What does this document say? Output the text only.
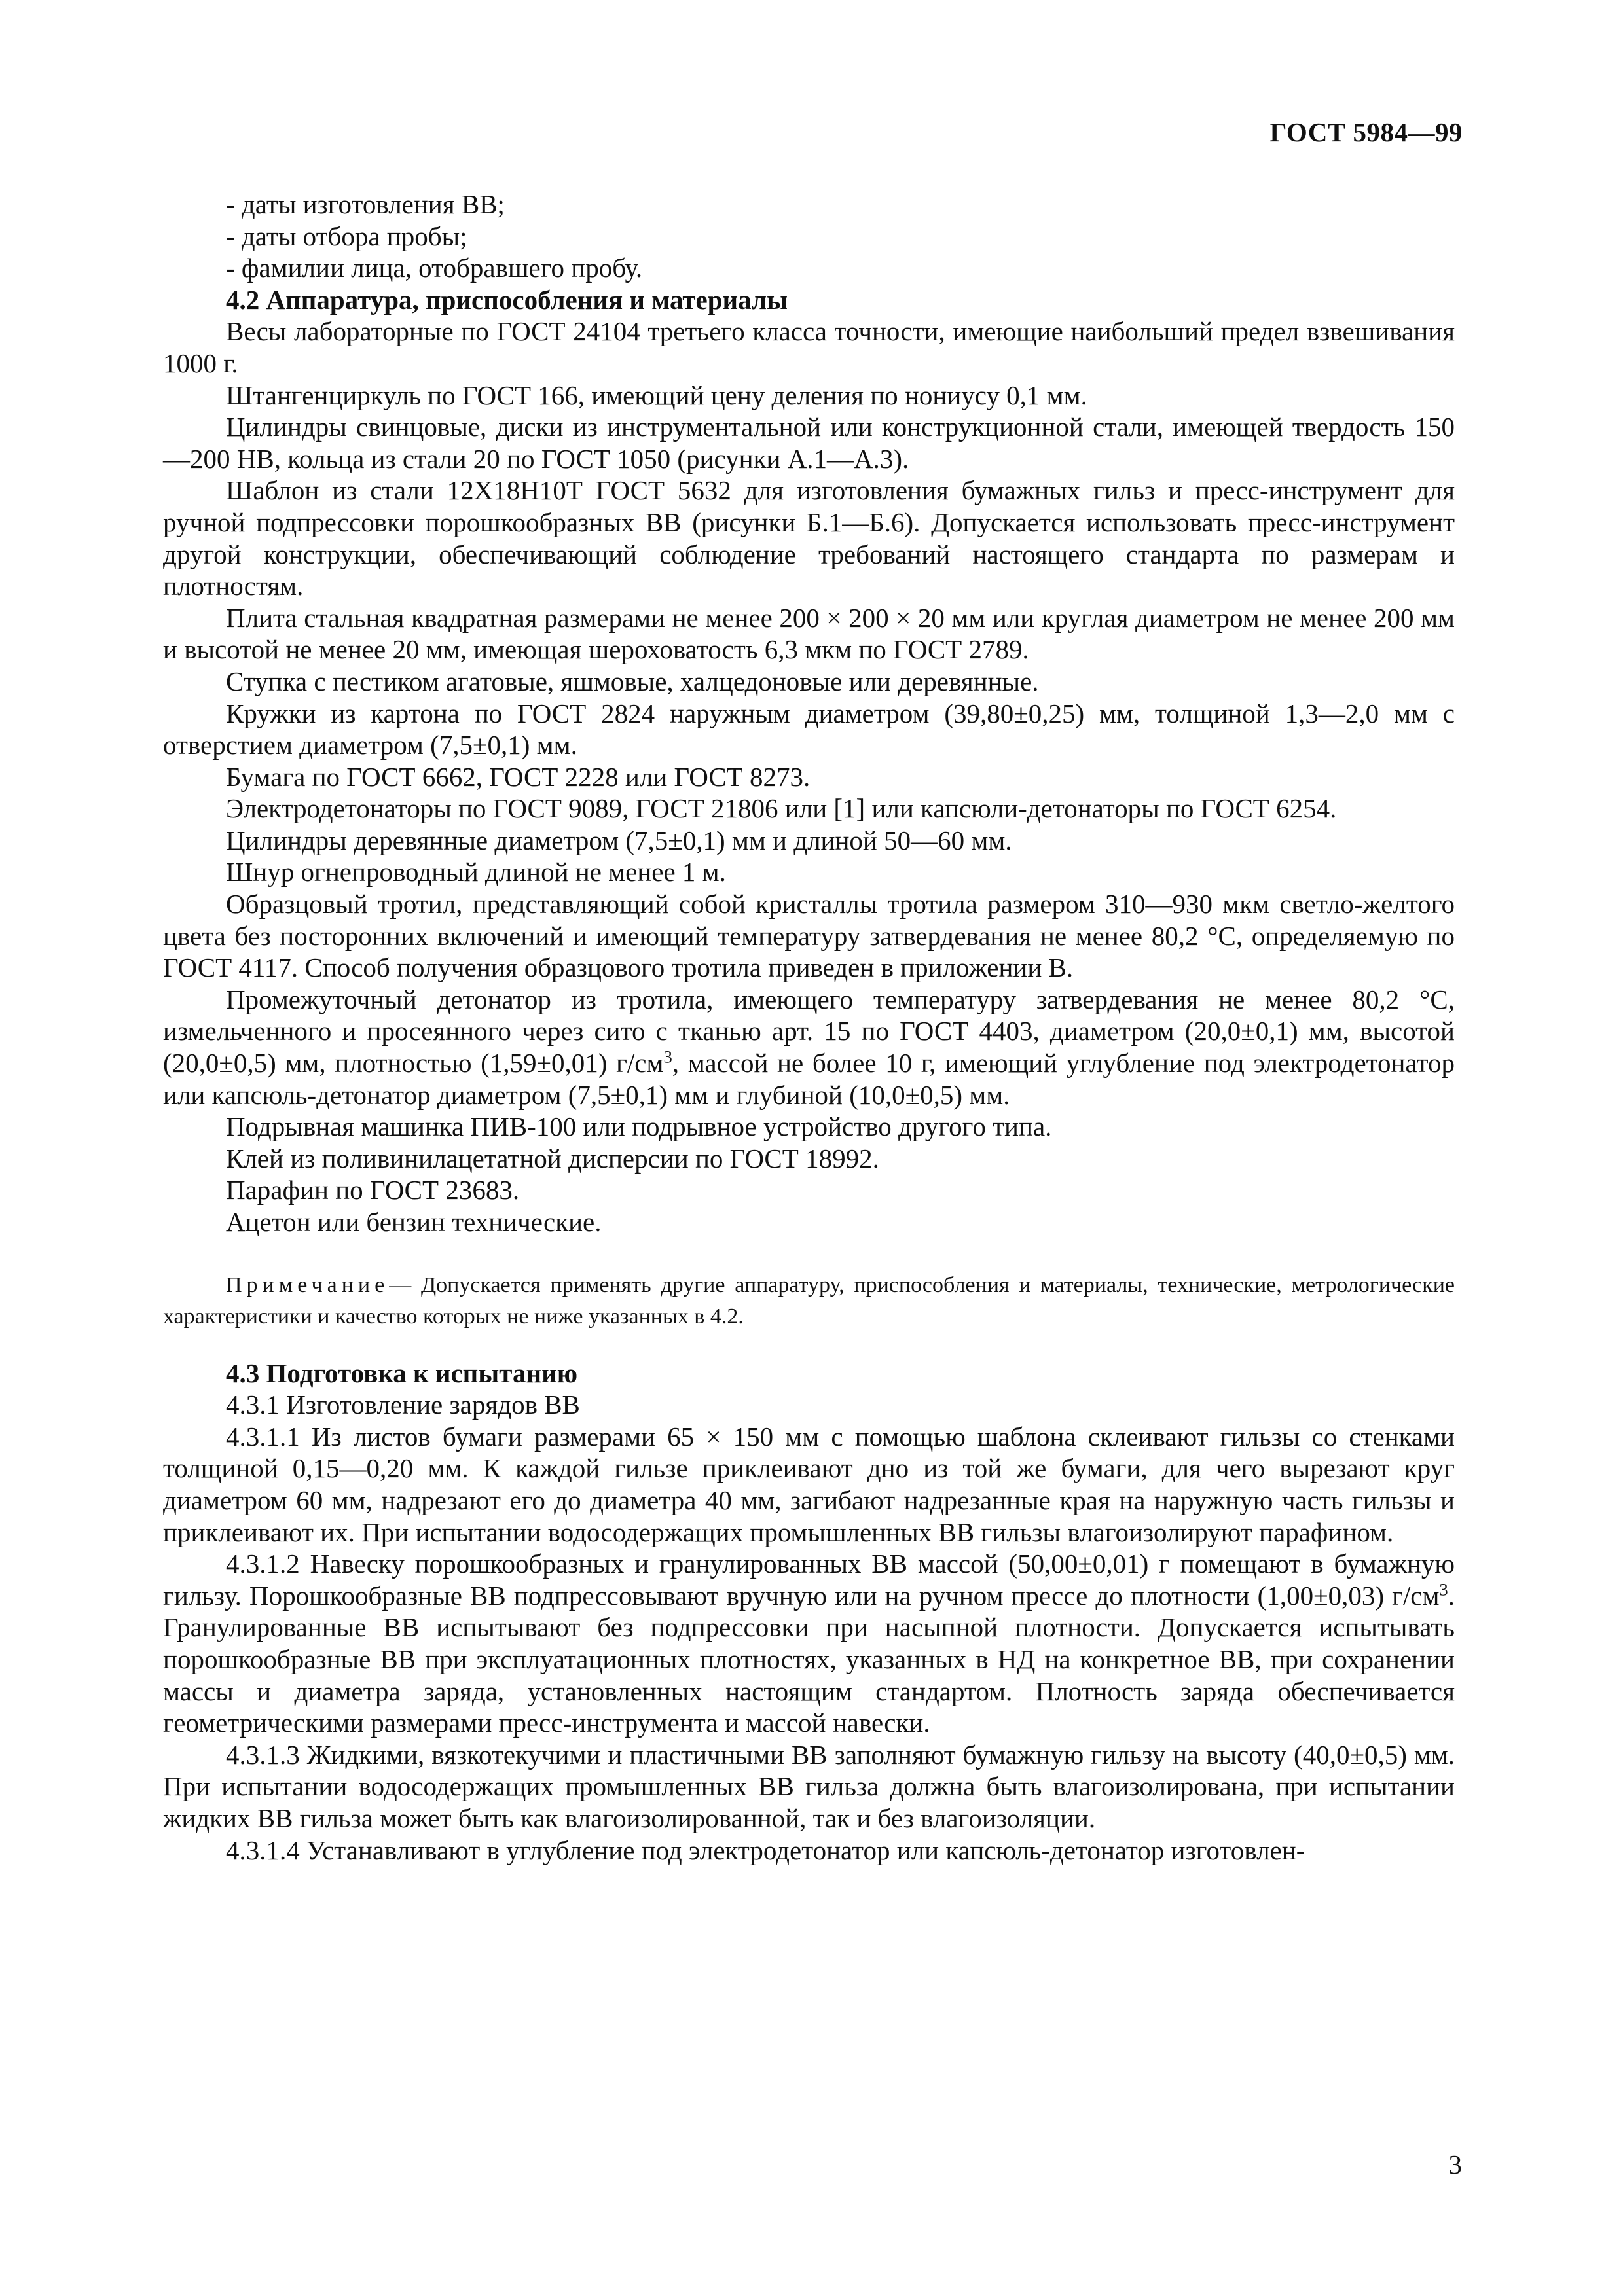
ГОСТ 5984—99

- даты изготовления ВВ;

- даты отбора пробы;

- фамилии лица, отобравшего пробу.

4.2 Аппаратура, приспособления и материалы

Весы лабораторные по ГОСТ 24104 третьего класса точности, имеющие наибольший предел взвешивания 1000 г.

Штангенциркуль по ГОСТ 166, имеющий цену деления по нониусу 0,1 мм.

Цилиндры свинцовые, диски из инструментальной или конструкционной стали, имеющей твердость 150—200 HB, кольца из стали 20 по ГОСТ 1050 (рисунки А.1—А.3).

Шаблон из стали 12Х18Н10Т ГОСТ 5632 для изготовления бумажных гильз и пресс-инструмент для ручной подпрессовки порошкообразных ВВ (рисунки Б.1—Б.6). Допускается использовать пресс-инструмент другой конструкции, обеспечивающий соблюдение требований настоящего стандарта по размерам и плотностям.

Плита стальная квадратная размерами не менее 200 × 200 × 20 мм или круглая диаметром не менее 200 мм и высотой не менее 20 мм, имеющая шероховатость 6,3 мкм по ГОСТ 2789.

Ступка с пестиком агатовые, яшмовые, халцедоновые или деревянные.

Кружки из картона по ГОСТ 2824 наружным диаметром (39,80±0,25) мм, толщиной 1,3—2,0 мм с отверстием диаметром (7,5±0,1) мм.

Бумага по ГОСТ 6662, ГОСТ 2228 или ГОСТ 8273.

Электродетонаторы по ГОСТ 9089, ГОСТ 21806 или [1] или капсюли-детонаторы по ГОСТ 6254.

Цилиндры деревянные диаметром (7,5±0,1) мм и длиной 50—60 мм.

Шнур огнепроводный длиной не менее 1 м.

Образцовый тротил, представляющий собой кристаллы тротила размером 310—930 мкм светло-желтого цвета без посторонних включений и имеющий температуру затвердевания не менее 80,2 °С, определяемую по ГОСТ 4117. Способ получения образцового тротила приведен в приложении В.

Промежуточный детонатор из тротила, имеющего температуру затвердевания не менее 80,2 °С, измельченного и просеянного через сито с тканью арт. 15 по ГОСТ 4403, диаметром (20,0±0,1) мм, высотой (20,0±0,5) мм, плотностью (1,59±0,01) $г/см^3$, массой не более 10 г, имеющий углубление под электродетонатор или капсюль-детонатор диаметром (7,5±0,1) мм и глубиной (10,0±0,5) мм.

Подрывная машинка ПИВ-100 или подрывное устройство другого типа.

Клей из поливинилацетатной дисперсии по ГОСТ 18992.

Парафин по ГОСТ 23683.

Ацетон или бензин технические.

Примечание— Допускается применять другие аппаратуру, приспособления и материалы, технические, метрологические характеристики и качество которых не ниже указанных в 4.2.

4.3 Подготовка к испытанию

4.3.1 Изготовление зарядов ВВ

4.3.1.1 Из листов бумаги размерами 65 × 150 мм с помощью шаблона склеивают гильзы со стенками толщиной 0,15—0,20 мм. К каждой гильзе приклеивают дно из той же бумаги, для чего вырезают круг диаметром 60 мм, надрезают его до диаметра 40 мм, загибают надрезанные края на наружную часть гильзы и приклеивают их. При испытании водосодержащих промышленных ВВ гильзы влагоизолируют парафином.

4.3.1.2 Навеску порошкообразных и гранулированных ВВ массой (50,00±0,01) г помещают в бумажную гильзу. Порошкообразные ВВ подпрессовывают вручную или на ручном прессе до плотности (1,00±0,03) $г/см^3$. Гранулированные ВВ испытывают без подпрессовки при насыпной плотности. Допускается испытывать порошкообразные ВВ при эксплуатационных плотностях, указанных в НД на конкретное ВВ, при сохранении массы и диаметра заряда, установленных настоящим стандартом. Плотность заряда обеспечивается геометрическими размерами пресс-инструмента и массой навески.

4.3.1.3 Жидкими, вязкотекучими и пластичными ВВ заполняют бумажную гильзу на высоту (40,0±0,5) мм. При испытании водосодержащих промышленных ВВ гильза должна быть влагоизолирована, при испытании жидких ВВ гильза может быть как влагоизолированной, так и без влагоизоляции.

4.3.1.4 Устанавливают в углубление под электродетонатор или капсюль-детонатор изготовлен-

3
